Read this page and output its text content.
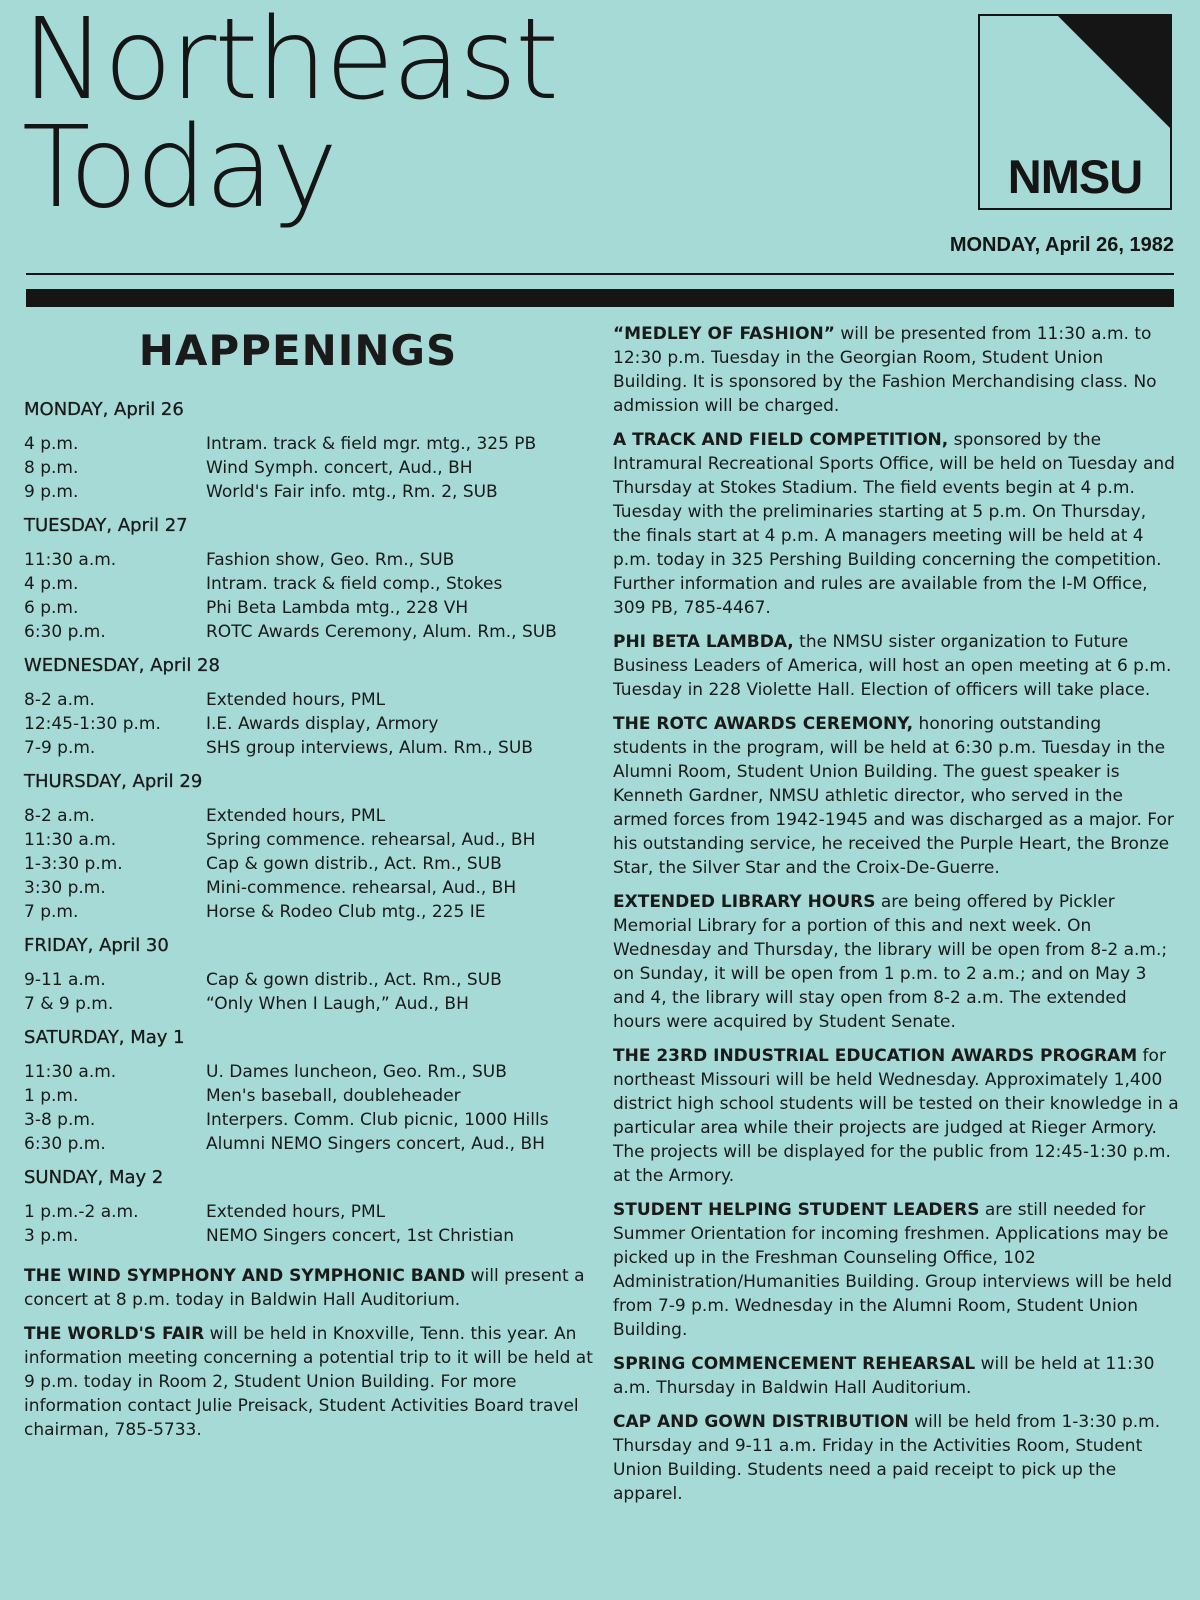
Northeast
Today	NMSU
MONDAY, April 26, 1982
HAPPENINGS
MONDAY, April 26
4 p.m.	Intram. track & field mgr. mtg., 325 PB
8 p.m.	Wind Symph. concert, Aud., BH
9 p.m.	World's Fair info. mtg., Rm. 2, SUB
TUESDAY, April 27
11:30 a.m.	Fashion show, Geo. Rm., SUB
4 p.m.	Intram. track & field comp., Stokes
6 p.m.	Phi Beta Lambda mtg., 228 VH
6:30 p.m.	ROTC Awards Ceremony, Alum. Rm., SUB
WEDNESDAY, April 28
8-2 a.m.	Extended hours, PML
12:45-1:30 p.m.	I.E. Awards display, Armory
7-9 p.m.	SHS group interviews, Alum. Rm., SUB
THURSDAY, April 29
8-2 a.m.	Extended hours, PML
11:30 a.m.	Spring commence. rehearsal, Aud., BH
1-3:30 p.m.	Cap & gown distrib., Act. Rm., SUB
3:30 p.m.	Mini-commence. rehearsal, Aud., BH
7 p.m.	Horse & Rodeo Club mtg., 225 IE
FRIDAY, April 30
9-11 a.m.	Cap & gown distrib., Act. Rm., SUB
7 & 9 p.m.	“Only When I Laugh,” Aud., BH
SATURDAY, May 1
11:30 a.m.	U. Dames luncheon, Geo. Rm., SUB
1 p.m.	Men's baseball, doubleheader
3-8 p.m.	Interpers. Comm. Club picnic, 1000 Hills
6:30 p.m.	Alumni NEMO Singers concert, Aud., BH
SUNDAY, May 2
1 p.m.-2 a.m.	Extended hours, PML
3 p.m.	NEMO Singers concert, 1st Christian

THE WIND SYMPHONY AND SYMPHONIC BAND will present a concert at 8 p.m. today in Baldwin Hall Auditorium.

THE WORLD'S FAIR will be held in Knoxville, Tenn. this year. An information meeting concerning a potential trip to it will be held at 9 p.m. today in Room 2, Student Union Building. For more information contact Julie Preisack, Student Activities Board travel chairman, 785-5733.

“MEDLEY OF FASHION” will be presented from 11:30 a.m. to 12:30 p.m. Tuesday in the Georgian Room, Student Union Building. It is sponsored by the Fashion Merchandising class. No admission will be charged.

A TRACK AND FIELD COMPETITION, sponsored by the Intramural Recreational Sports Office, will be held on Tuesday and Thursday at Stokes Stadium. The field events begin at 4 p.m. Tuesday with the preliminaries starting at 5 p.m. On Thursday, the finals start at 4 p.m. A managers meeting will be held at 4 p.m. today in 325 Pershing Building concerning the competition. Further information and rules are available from the I-M Office, 309 PB, 785-4467.

PHI BETA LAMBDA, the NMSU sister organization to Future Business Leaders of America, will host an open meeting at 6 p.m. Tuesday in 228 Violette Hall. Election of officers will take place.

THE ROTC AWARDS CEREMONY, honoring outstanding students in the program, will be held at 6:30 p.m. Tuesday in the Alumni Room, Student Union Building. The guest speaker is Kenneth Gardner, NMSU athletic director, who served in the armed forces from 1942-1945 and was discharged as a major. For his outstanding service, he received the Purple Heart, the Bronze Star, the Silver Star and the Croix-De-Guerre.

EXTENDED LIBRARY HOURS are being offered by Pickler Memorial Library for a portion of this and next week. On Wednesday and Thursday, the library will be open from 8-2 a.m.; on Sunday, it will be open from 1 p.m. to 2 a.m.; and on May 3 and 4, the library will stay open from 8-2 a.m. The extended hours were acquired by Student Senate.

THE 23RD INDUSTRIAL EDUCATION AWARDS PROGRAM for northeast Missouri will be held Wednesday. Approximately 1,400 district high school students will be tested on their knowledge in a particular area while their projects are judged at Rieger Armory. The projects will be displayed for the public from 12:45-1:30 p.m. at the Armory.

STUDENT HELPING STUDENT LEADERS are still needed for Summer Orientation for incoming freshmen. Applications may be picked up in the Freshman Counseling Office, 102 Administration/Humanities Building. Group interviews will be held from 7-9 p.m. Wednesday in the Alumni Room, Student Union Building.

SPRING COMMENCEMENT REHEARSAL will be held at 11:30 a.m. Thursday in Baldwin Hall Auditorium.

CAP AND GOWN DISTRIBUTION will be held from 1-3:30 p.m. Thursday and 9-11 a.m. Friday in the Activities Room, Student Union Building. Students need a paid receipt to pick up the apparel.
